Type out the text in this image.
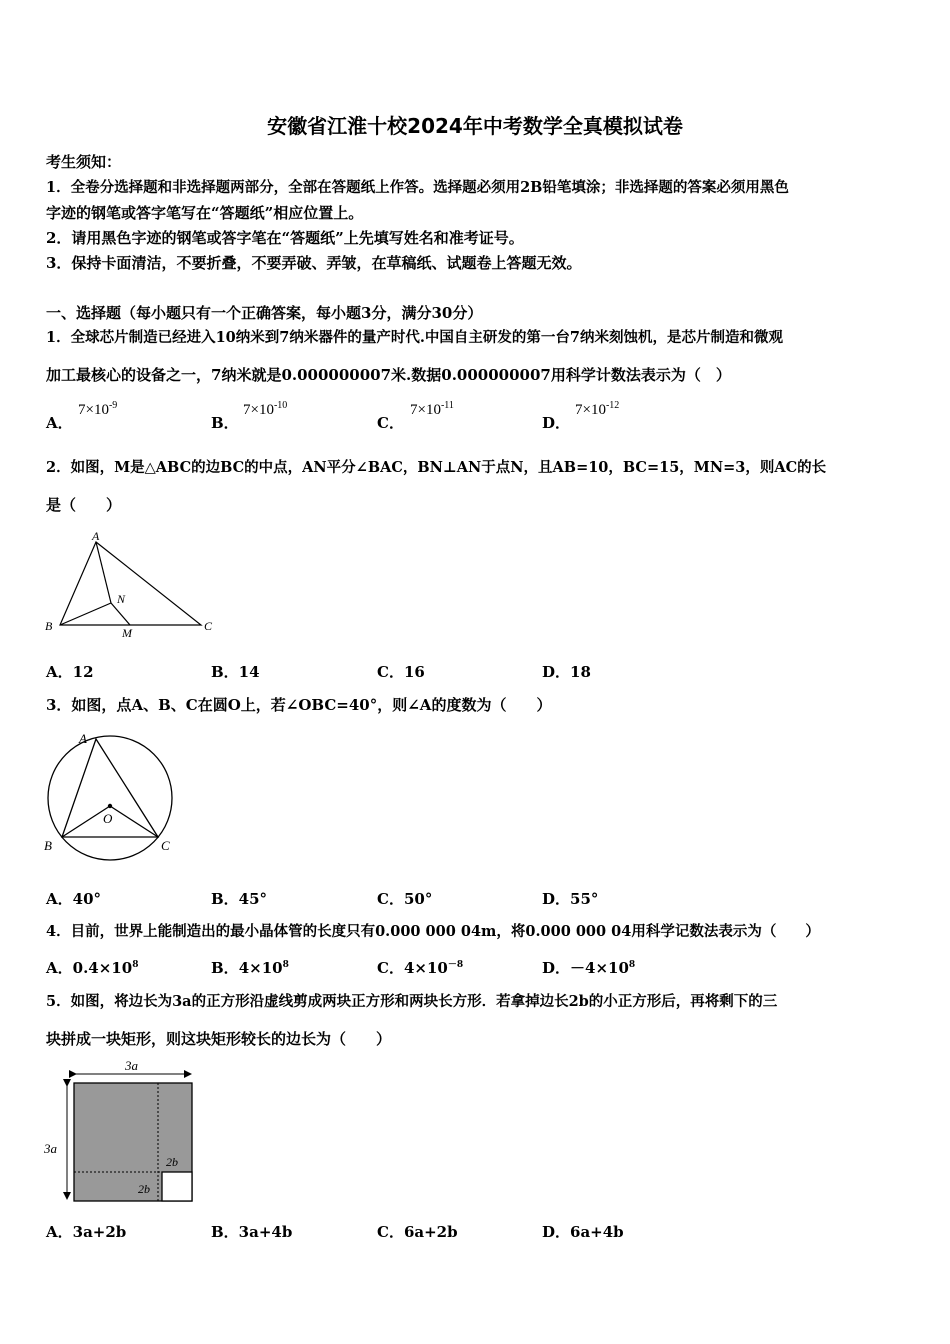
安徽省江淮十校2024年中考数学全真模拟试卷
考生须知：
1．全卷分选择题和非选择题两部分，全部在答题纸上作答。选择题必须用2B铅笔填涂；非选择题的答案必须用黑色
字迹的钢笔或答字笔写在“答题纸”相应位置上。
2．请用黑色字迹的钢笔或答字笔在“答题纸”上先填写姓名和准考证号。
3．保持卡面清洁，不要折叠，不要弄破、弄皱，在草稿纸、试题卷上答题无效。
一、选择题（每小题只有一个正确答案，每小题3分，满分30分）
1．全球芯片制造已经进入10纳米到7纳米器件的量产时代.中国自主研发的第一台7纳米刻蚀机，是芯片制造和微观
加工最核心的设备之一，7纳米就是0.000000007米.数据0.000000007用科学计数法表示为（　）
A．
$7\times 10^{-9}$
B．
$7\times 10^{-10}$
C．
$7\times 10^{-11}$
D．
$7\times 10^{-12}$
2．如图，M是△ABC的边BC的中点，AN平分∠BAC，BN⊥AN于点N，且AB=10，BC=15，MN=3，则AC的长
是（　　）
A
B	C
N
M
A．12	B．14	C．16	D．18
3．如图，点A、B、C在圆O上，若∠OBC=40°，则∠A的度数为（　　）
A
B	C
O
A．40°	B．45°	C．50°	D．55°
4．目前，世界上能制造出的最小晶体管的长度只有0.000 000 04m，将0.000 000 04用科学记数法表示为（　　）
A．$0.4\times 10^8$	B．$4\times 10^8$	C．$4\times 10^{-8}$	D．$-4\times 10^8$
5．如图，将边长为3a的正方形沿虚线剪成两块正方形和两块长方形．若拿掉边长2b的小正方形后，再将剩下的三
块拼成一块矩形，则这块矩形较长的边长为（　　）
3a
3a
2b
2b
A．3a+2b	B．3a+4b	C．6a+2b	D．6a+4b
